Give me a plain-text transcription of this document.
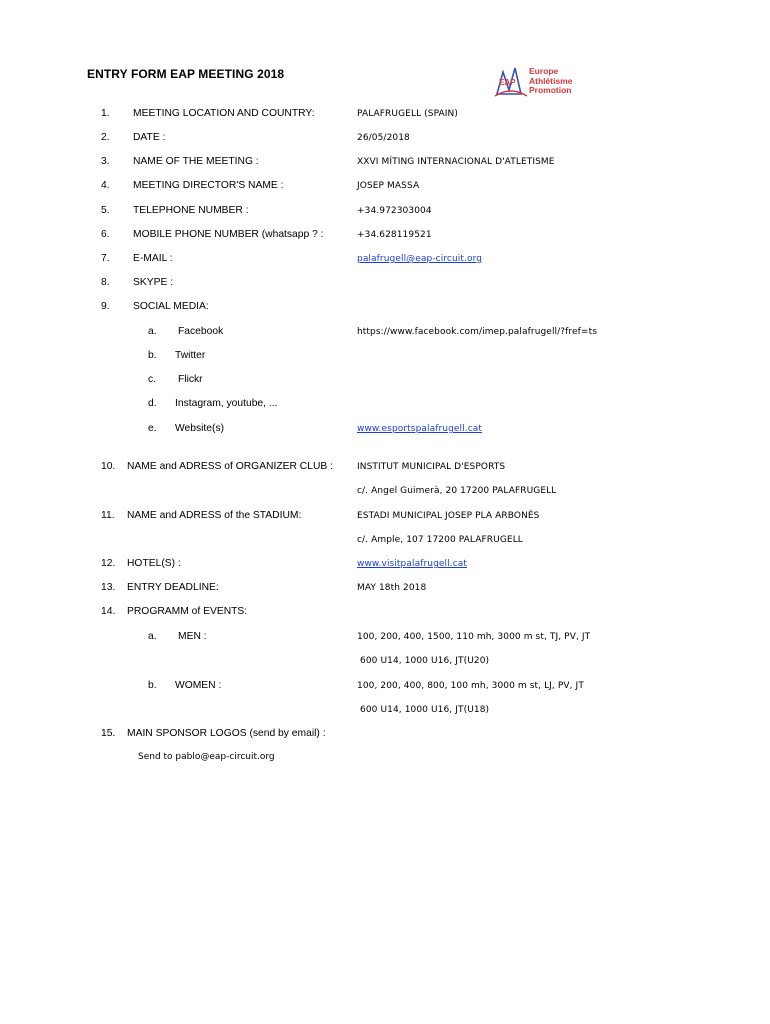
ENTRY FORM EAP MEETING 2018
EAP
Europe
Athlétisme
Promotion
1. MEETING LOCATION AND COUNTRY:	PALAFRUGELL (SPAIN)
2. DATE :	26/05/2018
3. NAME OF THE MEETING :	XXVI MÍTING INTERNACIONAL D'ATLETISME
4. MEETING DIRECTOR'S NAME :	JOSEP MASSA
5. TELEPHONE NUMBER :	+34.972303004
6. MOBILE PHONE NUMBER (whatsapp ? :	+34.628119521
7. E-MAIL :	palafrugell@eap-circuit.org
8. SKYPE :
9. SOCIAL MEDIA:
a. Facebook	https://www.facebook.com/imep.palafrugell/?fref=ts
b. Twitter
c. Flickr
d. Instagram, youtube, ...
e. Website(s)	www.esportspalafrugell.cat
10. NAME and ADRESS of ORGANIZER CLUB :	INSTITUT MUNICIPAL D'ESPORTS
c/. Angel Guimerà, 20 17200 PALAFRUGELL
11. NAME and ADRESS of the STADIUM:	ESTADI MUNICIPAL JOSEP PLA ARBONÈS
c/. Ample, 107 17200 PALAFRUGELL
12. HOTEL(S) :	www.visitpalafrugell.cat
13. ENTRY DEADLINE:	MAY 18th 2018
14. PROGRAMM of EVENTS:
a. MEN :	100, 200, 400, 1500, 110 mh, 3000 m st, TJ, PV, JT
600 U14, 1000 U16, JT(U20)
b. WOMEN :	100, 200, 400, 800, 100 mh, 3000 m st, LJ, PV, JT
600 U14, 1000 U16, JT(U18)
15. MAIN SPONSOR LOGOS (send by email) :
Send to pablo@eap-circuit.org
